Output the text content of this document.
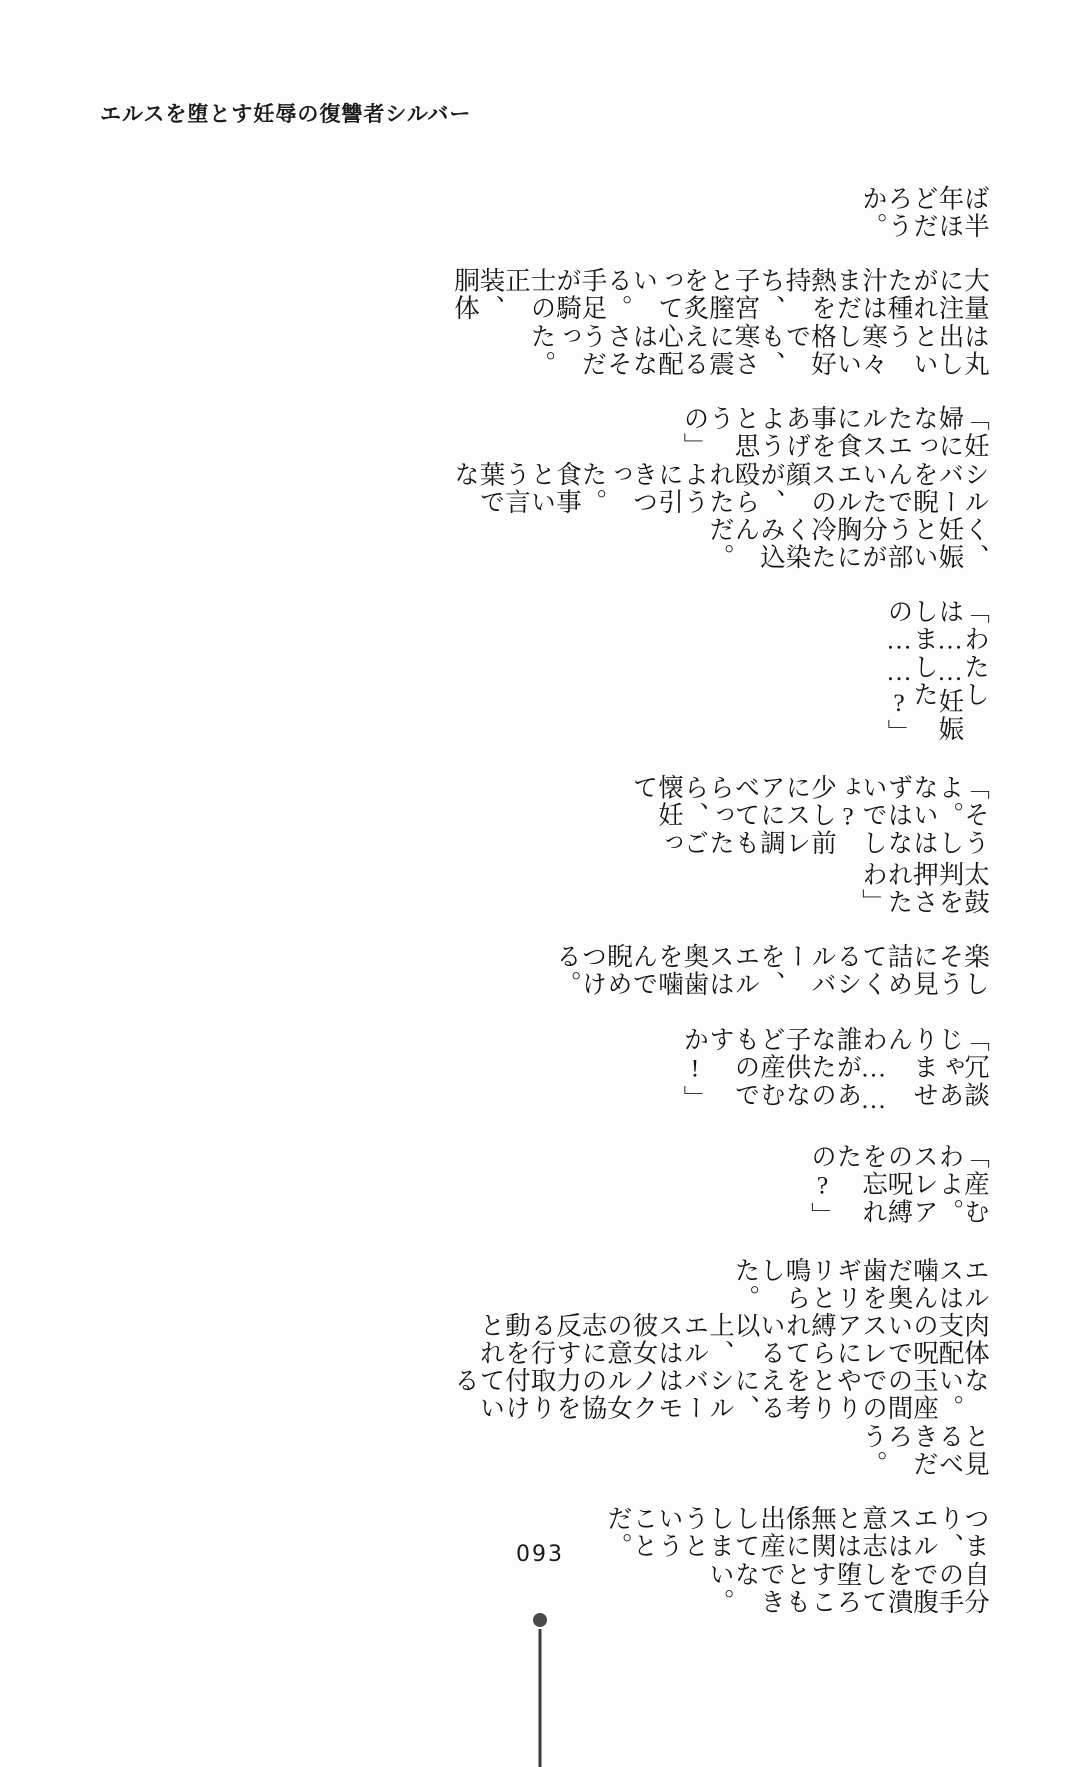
エルスを堕とす妊辱の復讐者シルバー
ば半年ほどだろうか。
大量に注がれた種汁はまだ熱を持ち、子宮と膣を炙っている。手足が騎士の正装、胴体
は丸出しという寒々しい格好でも、寒さに震える心配はなさそうだった。
「妊婦になったエルスに食事をあげようと思うの」
シルバーを睨んでいたエルスの顔が、殴られたように引きつった。食事という言葉でな
く、妊娠という部分が胸に冷たく染み込んだ。
「わたしは……妊娠しましたの……?」
「そうよ。しないはずはないでしょ?　少し前にスレアに調べてもらったら、ご懐妊って
太鼓判を押されたわ」
楽しそうに見詰めてくるシルバーを、エルスは奥歯を噛んで睨めつける。
「冗談じゃありませんわ……誰があなたの子供など産むものですか!」
「産むわよ。スレアの呪縛を忘れたの?」
エルスは噛んだ奥歯をギリリと鳴らした。
肉体支配の呪いでスレアに縛られている以上、エルスは彼女の意志に反する行動をとれ
ない。玉座の間でのやりとりを考えるに、シルバーはモノクル女の協力を取り付けている
と見るべきだろう。
つまり、エルスは意志とは無関係に出産してしまうということだ。
自分の手で腹を潰して堕ろすこともできない。
093
